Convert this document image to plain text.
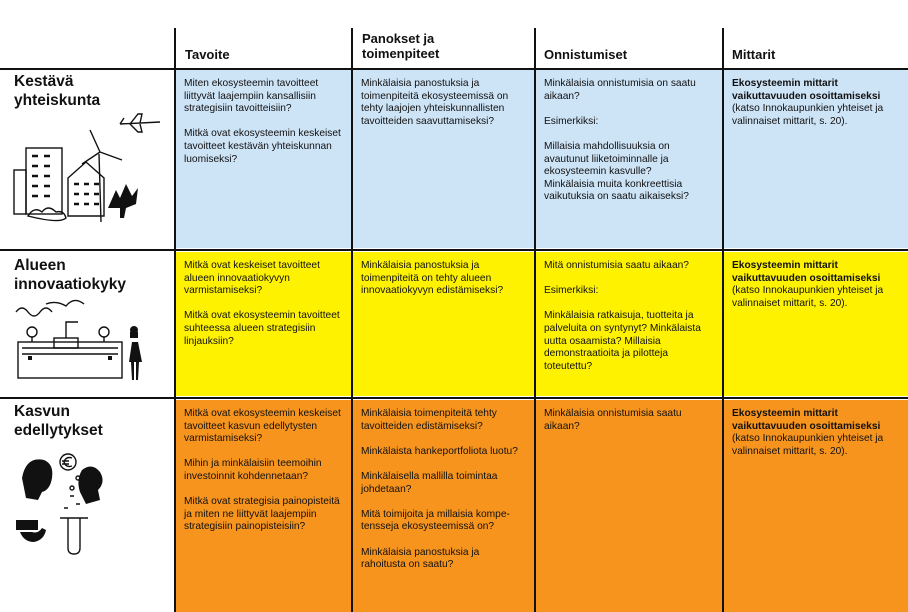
Tavoite
Panokset ja
toimenpiteet	Onnistumiset	Mittarit
Kestävä
yhteiskunta

Miten ekosysteemin tavoitteet liittyvät laajempiin kansallisiin strategisiin tavoitteisiin?

Mitkä ovat ekosysteemin keskeiset tavoitteet kestävän yhteiskunnan luomiseksi?

Minkälaisia panostuksia ja toimenpiteitä ekosysteemissä on tehty laajojen yhteiskunnallisten tavoitteiden saavuttamiseksi?

Minkälaisia onnistumisia on saatu aikaan?

Esimerkiksi:

Millaisia mahdollisuuksia on avautunut liiketoiminnalle ja ekosysteemin kasvulle?

Minkälaisia muita konkreettisia vaikutuksia on saatu aikaiseksi?

Ekosysteemin mittarit vaikuttavuuden osoittamiseksi
(katso Innokaupunkien yhteiset ja valinnaiset mittarit, s. 20).
Alueen
innovaatiokyky

Mitkä ovat keskeiset tavoitteet alueen innovaatiokyvyn varmistamiseksi?

Mitkä ovat ekosysteemin tavoitteet suhteessa alueen strategisiin linjauksiin?

Minkälaisia panostuksia ja toimenpiteitä on tehty alueen innovaatiokyvyn edistämiseksi?

Mitä onnistumisia saatu aikaan?

Esimerkiksi:

Minkälaisia ratkaisuja, tuotteita ja palveluita on syntynyt? Minkälaista uutta osaamista? Millaisia demonstraatioita ja pilotteja toteutettu?

Ekosysteemin mittarit vaikuttavuuden osoittamiseksi
(katso Innokaupunkien yhteiset ja valinnaiset mittarit, s. 20).
Kasvun
edellytykset

Mitkä ovat ekosysteemin keskeiset tavoitteet kasvun edellytysten varmistamiseksi?

Mihin ja minkälaisiin teemoihin investoinnit kohdennetaan?

Mitkä ovat strategisia painopisteitä ja miten ne liittyvät laajempiin strategisiin painopisteisiin?

Minkälaisia toimenpiteitä tehty tavoitteiden edistämiseksi?

Minkälaista hankeportfoliota luotu?

Minkälaisella mallilla toimintaa johdetaan?

Mitä toimijoita ja millaisia kompetensseja ekosysteemissä on?

Minkälaisia panostuksia ja rahoitusta on saatu?

Minkälaisia onnistumisia saatu aikaan?

Ekosysteemin mittarit vaikuttavuuden osoittamiseksi
(katso Innokaupunkien yhteiset ja valinnaiset mittarit, s. 20).
